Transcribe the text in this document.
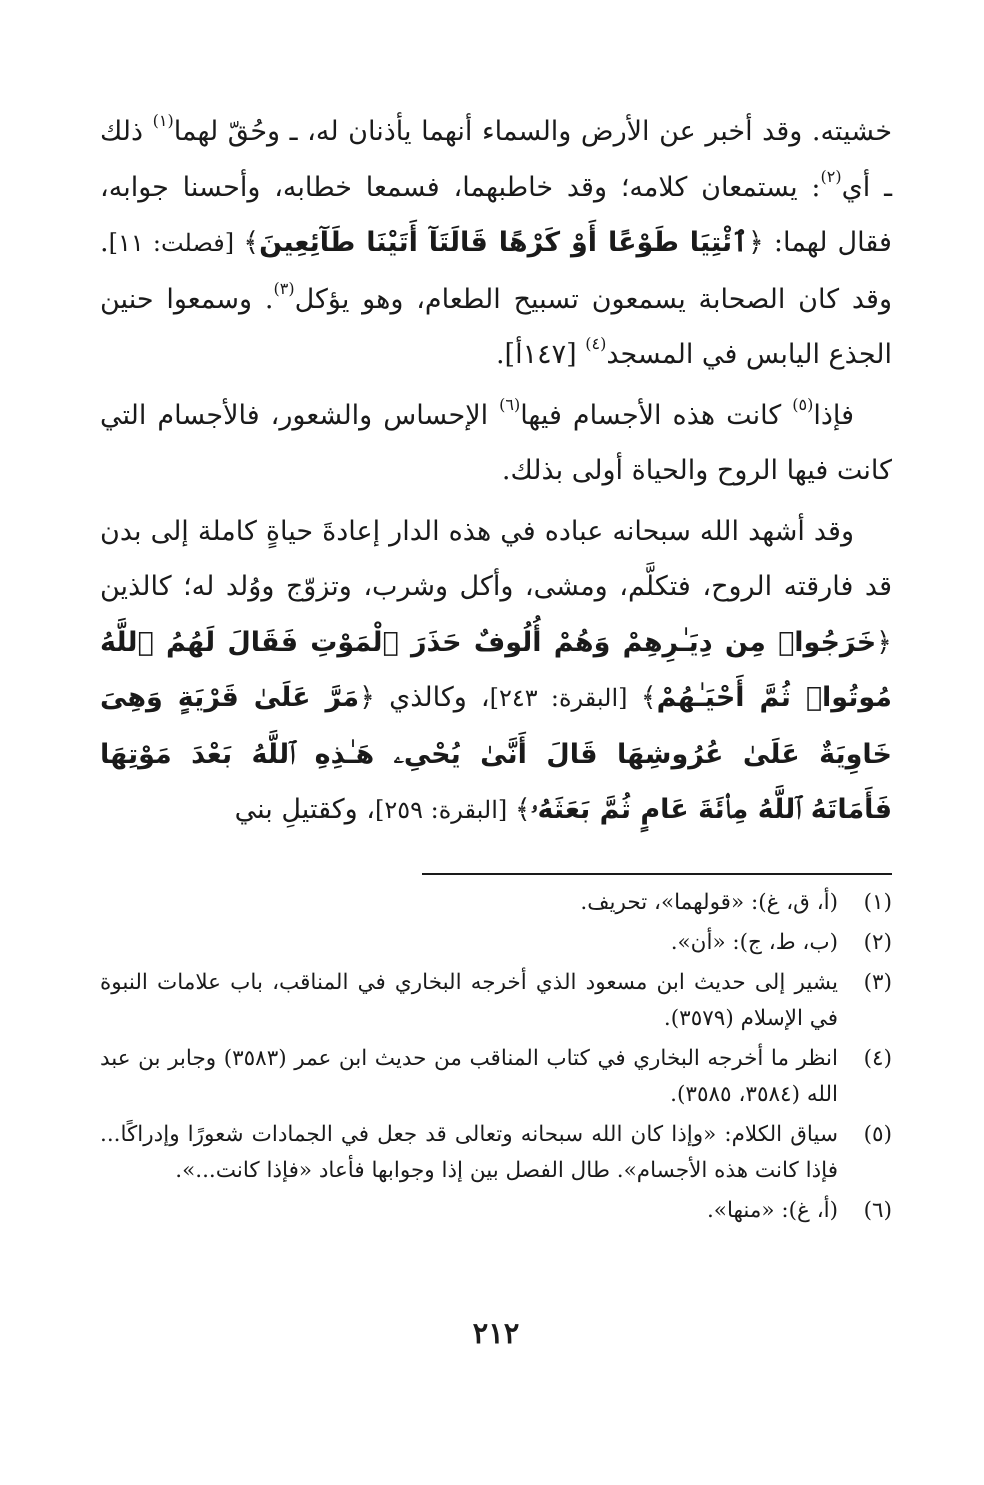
خشيته. وقد أخبر عن الأرض والسماء أنهما يأذنان له، ـ وحُقّ لهما$^{(١)}$ ذلك ـ أي$^{(٢)}$: يستمعان كلامه؛ وقد خاطبهما، فسمعا خطابه، وأحسنا جوابه، فقال لهما: ﴿ٱئْتِيَا طَوْعًا أَوْ كَرْهًا قَالَتَآ أَتَيْنَا طَآئِعِينَ﴾ [فصلت: ١١]. وقد كان الصحابة يسمعون تسبيح الطعام، وهو يؤكل$^{(٣)}$. وسمعوا حنين الجذع اليابس في المسجد$^{(٤)}$ [١٤٧أ].

فإذا$^{(٥)}$ كانت هذه الأجسام فيها$^{(٦)}$ الإحساس والشعور، فالأجسام التي كانت فيها الروح والحياة أولى بذلك.

وقد أشهد الله سبحانه عباده في هذه الدار إعادةَ حياةٍ كاملة إلى بدن قد فارقته الروح، فتكلَّم، ومشى، وأكل وشرب، وتزوّج ووُلد له؛ كالذين ﴿خَرَجُوا۟ مِن دِيَـٰرِهِمْ وَهُمْ أُلُوفٌ حَذَرَ ٱلْمَوْتِ فَقَالَ لَهُمُ ٱللَّهُ مُوتُوا۟ ثُمَّ أَحْيَـٰهُمْ﴾ [البقرة: ٢٤٣]، وكالذي ﴿مَرَّ عَلَىٰ قَرْيَةٍ وَهِىَ خَاوِيَةٌ عَلَىٰ عُرُوشِهَا قَالَ أَنَّىٰ يُحْىِۦ هَـٰذِهِ ٱللَّهُ بَعْدَ مَوْتِهَا فَأَمَاتَهُ ٱللَّهُ مِا۟ئَةَ عَامٍ ثُمَّ بَعَثَهُۥ﴾ [البقرة: ٢٥٩]، وكقتيلِ بني

(١)
(أ، ق، غ): «قولهما»، تحريف.
(٢)
(ب، ط، ج): «أن».
(٣)
يشير إلى حديث ابن مسعود الذي أخرجه البخاري في المناقب، باب علامات النبوة في الإسلام (٣٥٧٩).
(٤)
انظر ما أخرجه البخاري في كتاب المناقب من حديث ابن عمر (٣٥٨٣) وجابر بن عبد الله (٣٥٨٤، ٣٥٨٥).
(٥)
سياق الكلام: «وإذا كان الله سبحانه وتعالى قد جعل في الجمادات شعورًا وإدراكًا... فإذا كانت هذه الأجسام». طال الفصل بين إذا وجوابها فأعاد «فإذا كانت...».
(٦)
(أ، غ): «منها».
٢١٢
